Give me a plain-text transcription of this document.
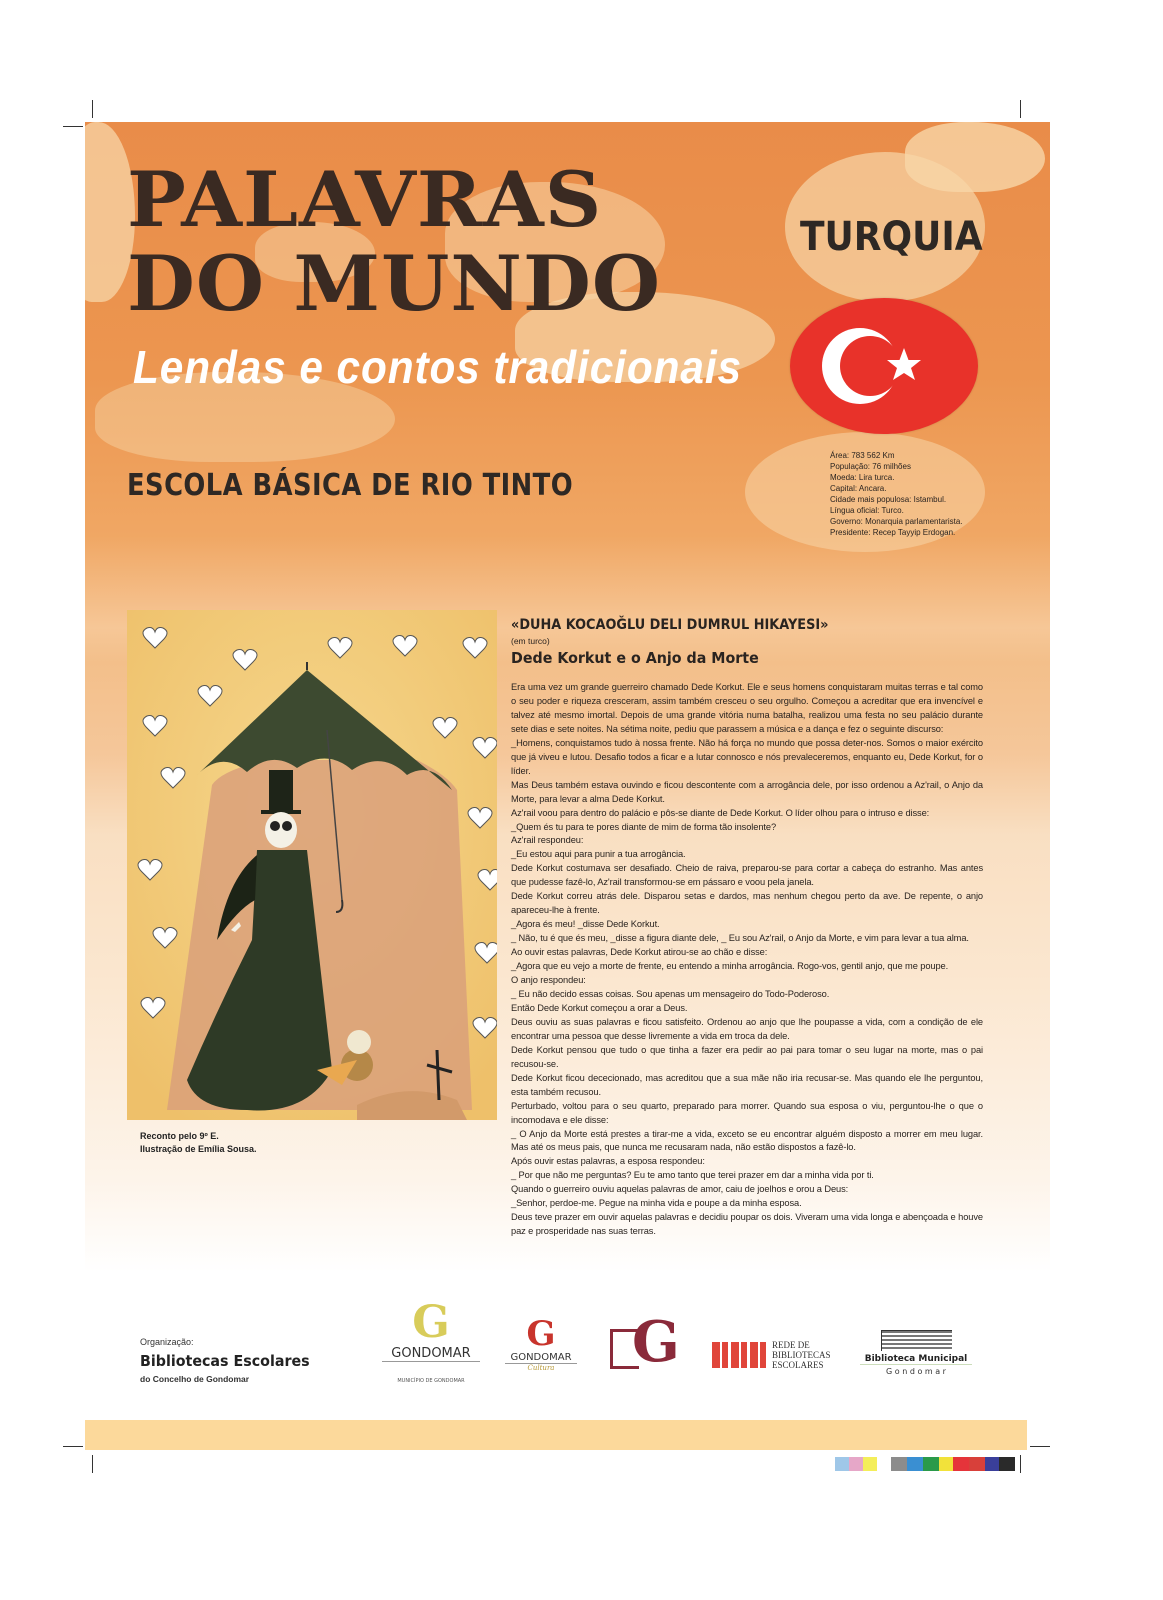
PALAVRAS
DO MUNDO
Lendas e contos tradicionais
TURQUIA
Área: 783 562 Km
População: 76 milhões
Moeda: Lira turca.
Capital: Ancara.
Cidade mais populosa: Istambul.
Língua oficial: Turco.
Governo: Monarquia parlamentarista.
Presidente: Recep Tayyip Erdogan.
ESCOLA BÁSICA DE RIO TINTO
«DUHA KOCAOĞLU DELI DUMRUL HIKAYESI»
(em turco)
Dede Korkut e o Anjo da Morte

Era uma vez um grande guerreiro chamado Dede Korkut. Ele e seus homens conquistaram muitas terras e tal como o seu poder e riqueza cresceram, assim também cresceu o seu orgulho. Começou a acreditar que era invencível e talvez até mesmo imortal. Depois de uma grande vitória numa batalha, realizou uma festa no seu palácio durante sete dias e sete noites. Na sétima noite, pediu que parassem a música e a dança e fez o seguinte discurso:

_Homens, conquistamos tudo à nossa frente. Não há força no mundo que possa deter-nos. Somos o maior exército que já viveu e lutou. Desafio todos a ficar e a lutar connosco e nós prevaleceremos, enquanto eu, Dede Korkut, for o líder.

Mas Deus também estava ouvindo e ficou descontente com a arrogância dele, por isso ordenou a Az'rail, o Anjo da Morte, para levar a alma Dede Korkut.

Az'rail voou para dentro do palácio e pôs-se diante de Dede Korkut. O líder olhou para o intruso e disse:

_Quem és tu para te pores diante de mim de forma tão insolente?

Az'rail respondeu:

_Eu estou aqui para punir a tua arrogância.

Dede Korkut costumava ser desafiado. Cheio de raiva, preparou-se para cortar a cabeça do estranho. Mas antes que pudesse fazê-lo, Az'rail transformou-se em pássaro e voou pela janela.

Dede Korkut correu atrás dele. Disparou setas e dardos, mas nenhum chegou perto da ave. De repente, o anjo apareceu-lhe à frente.

_Agora és meu! _disse Dede Korkut.

_ Não, tu é que és meu, _disse a figura diante dele, _ Eu sou Az'rail, o Anjo da Morte, e vim para levar a tua alma.

Ao ouvir estas palavras, Dede Korkut atirou-se ao chão e disse:

_Agora que eu vejo a morte de frente, eu entendo a minha arrogância. Rogo-vos, gentil anjo, que me poupe.

O anjo respondeu:

_ Eu não decido essas coisas. Sou apenas um mensageiro do Todo-Poderoso.

Então Dede Korkut começou a orar a Deus.

Deus ouviu as suas palavras e ficou satisfeito. Ordenou ao anjo que lhe poupasse a vida, com a condição de ele encontrar uma pessoa que desse livremente a vida em troca da dele.

Dede Korkut pensou que tudo o que tinha a fazer era pedir ao pai para tomar o seu lugar na morte, mas o pai recusou-se.

Dede Korkut ficou dececionado, mas acreditou que a sua mãe não iria recusar-se. Mas quando ele lhe perguntou, esta também recusou.

Perturbado, voltou para o seu quarto, preparado para morrer. Quando sua esposa o viu, perguntou-lhe o que o incomodava e ele disse:

_ O Anjo da Morte está prestes a tirar-me a vida, exceto se eu encontrar alguém disposto a morrer em meu lugar. Mas até os meus pais, que nunca me recusaram nada, não estão dispostos a fazê-lo.

Após ouvir estas palavras, a esposa respondeu:

_ Por que não me perguntas? Eu te amo tanto que terei prazer em dar a minha vida por ti.

Quando o guerreiro ouviu aquelas palavras de amor, caiu de joelhos e orou a Deus:

_Senhor, perdoe-me. Pegue na minha vida e poupe a da minha esposa.

Deus teve prazer em ouvir aquelas palavras e decidiu poupar os dois. Viveram uma vida longa e abençoada e houve paz e prosperidade nas suas terras.

Reconto pelo 9º E.
Ilustração de Emília Sousa.
Organização:
Bibliotecas Escolares
do Concelho de Gondomar
G
GONDOMAR
MUNICÍPIO DE GONDOMAR
G
GONDOMAR
Cultura	G	REDE DE
BIBLIOTECAS
ESCOLARES
Biblioteca Municipal
G o n d o m a r
